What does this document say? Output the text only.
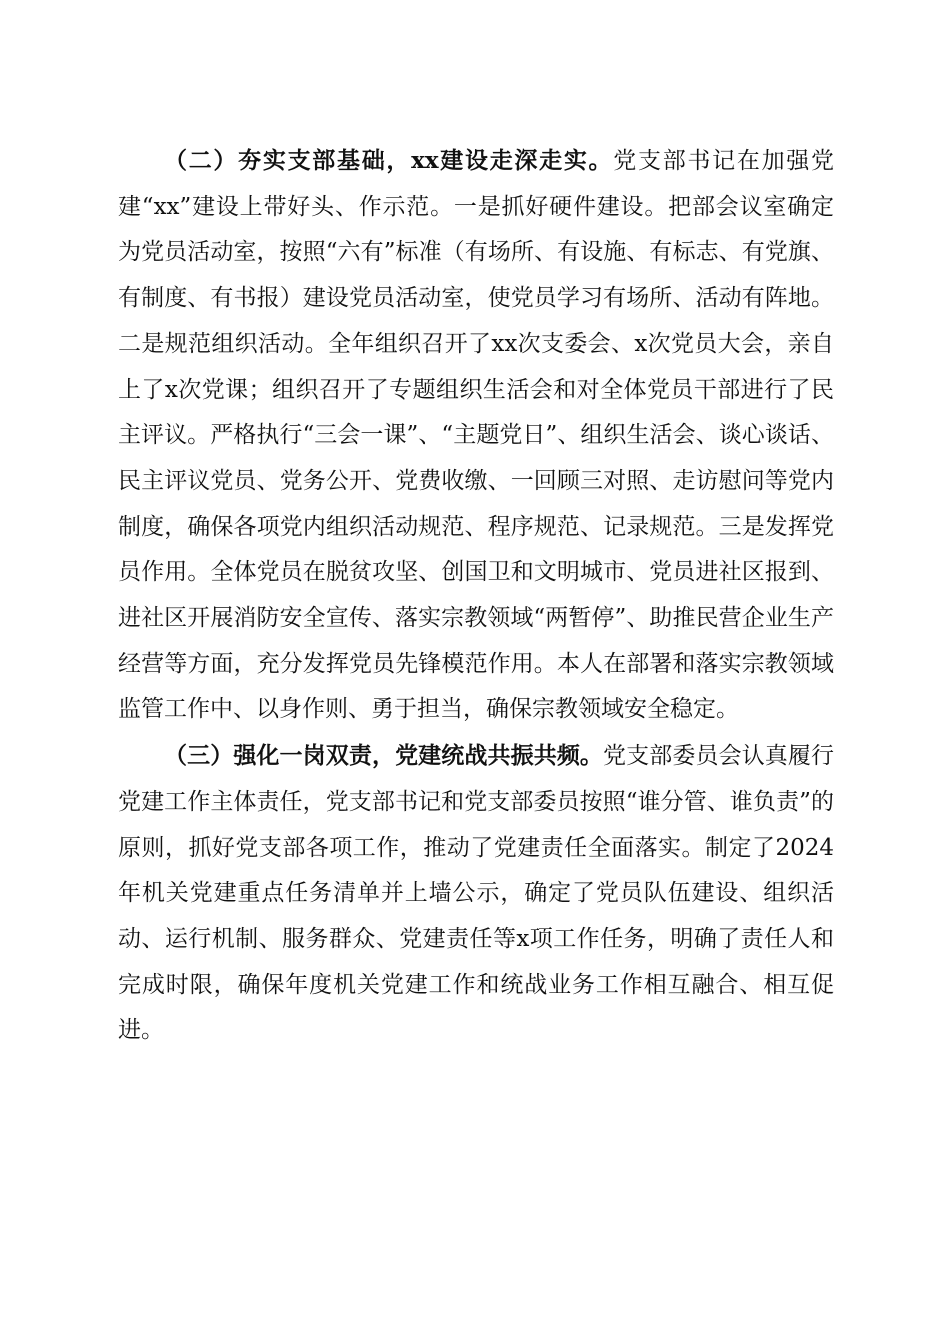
（二）夯实支部基础，xx建设走深走实。党支部书记在加强党建“xx”建设上带好头、作示范。一是抓好硬件建设。把部会议室确定为党员活动室，按照“六有”标准（有场所、有设施、有标志、有党旗、有制度、有书报）建设党员活动室，使党员学习有场所、活动有阵地。二是规范组织活动。全年组织召开了xx次支委会、x次党员大会，亲自上了x次党课；组织召开了专题组织生活会和对全体党员干部进行了民主评议。严格执行“三会一课”、“主题党日”、组织生活会、谈心谈话、民主评议党员、党务公开、党费收缴、一回顾三对照、走访慰问等党内制度，确保各项党内组织活动规范、程序规范、记录规范。三是发挥党员作用。全体党员在脱贫攻坚、创国卫和文明城市、党员进社区报到、进社区开展消防安全宣传、落实宗教领域“两暂停”、助推民营企业生产经营等方面，充分发挥党员先锋模范作用。本人在部署和落实宗教领域监管工作中、以身作则、勇于担当，确保宗教领域安全稳定。

（三）强化一岗双责，党建统战共振共频。党支部委员会认真履行党建工作主体责任，党支部书记和党支部委员按照“谁分管、谁负责”的原则，抓好党支部各项工作，推动了党建责任全面落实。制定了2024年机关党建重点任务清单并上墙公示，确定了党员队伍建设、组织活动、运行机制、服务群众、党建责任等x项工作任务，明确了责任人和完成时限，确保年度机关党建工作和统战业务工作相互融合、相互促进。
